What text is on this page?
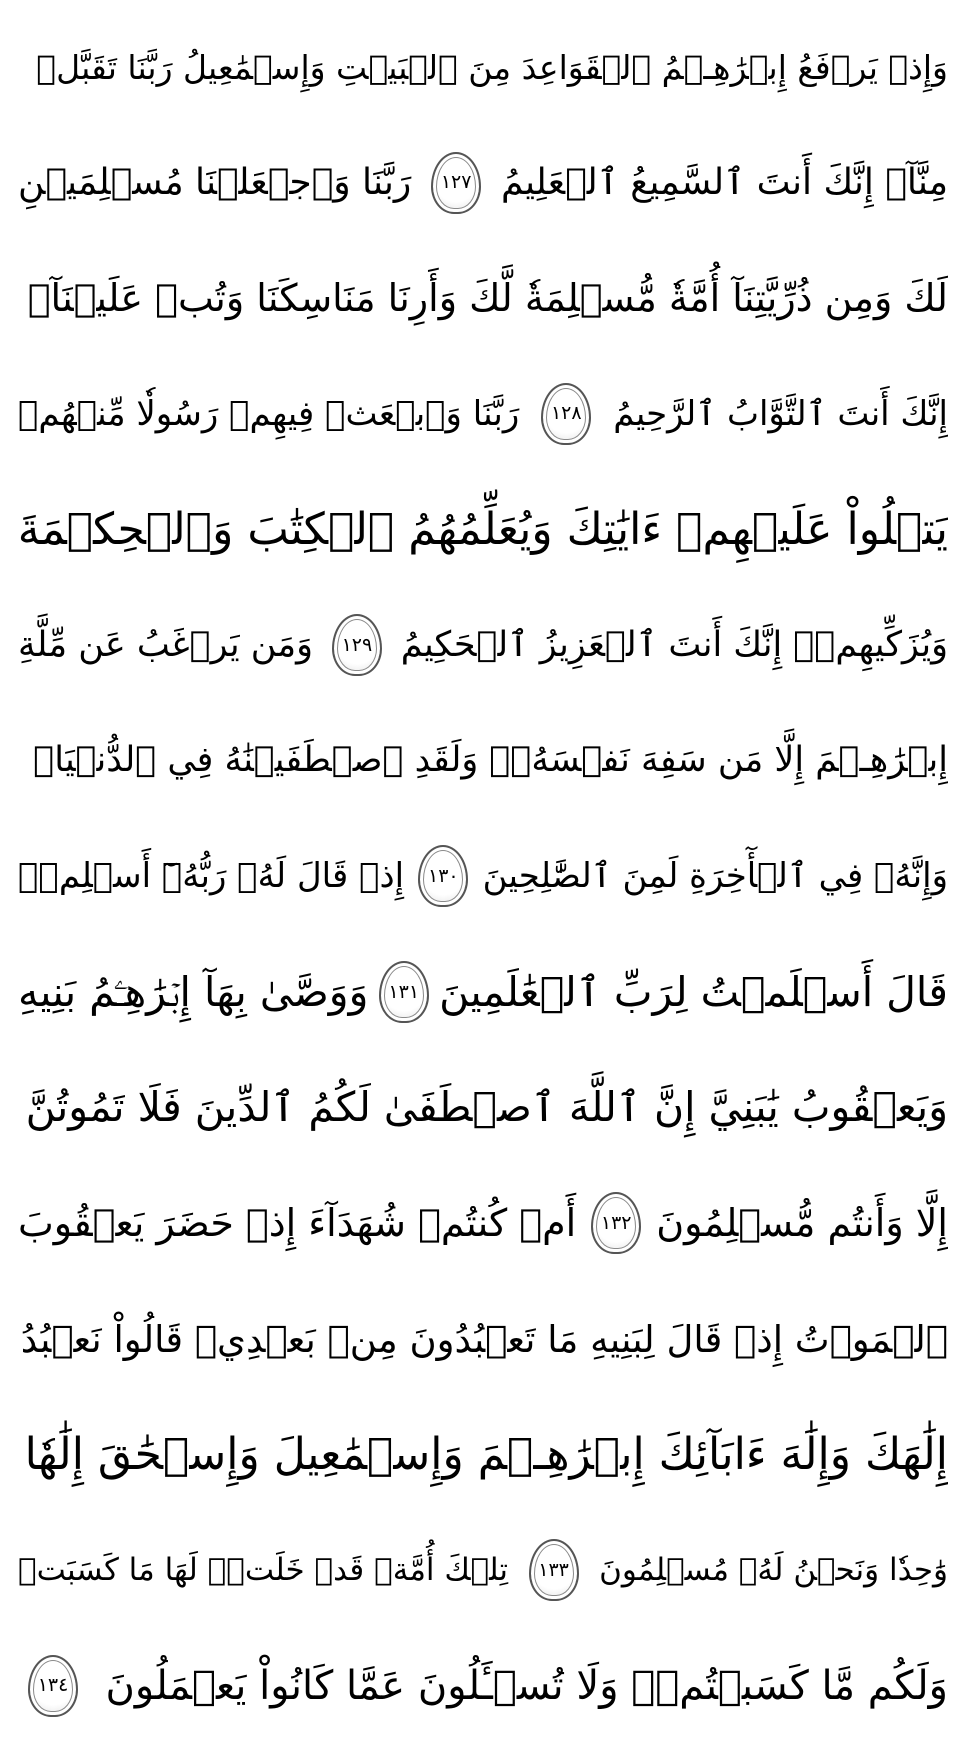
وَإِذۡ يَرۡفَعُ إِبۡرَٰهِـۧمُ ٱلۡقَوَاعِدَ مِنَ ٱلۡبَيۡتِ وَإِسۡمَٰعِيلُ رَبَّنَا تَقَبَّلۡ
مِنَّآۖ إِنَّكَ أَنتَ ٱلسَّمِيعُ ٱلۡعَلِيمُ
١٢٧
رَبَّنَا وَٱجۡعَلۡنَا مُسۡلِمَيۡنِ
لَكَ وَمِن ذُرِّيَّتِنَآ أُمَّةٗ مُّسۡلِمَةٗ لَّكَ وَأَرِنَا مَنَاسِكَنَا وَتُبۡ عَلَيۡنَآۖ
إِنَّكَ أَنتَ ٱلتَّوَّابُ ٱلرَّحِيمُ
١٢٨
رَبَّنَا وَٱبۡعَثۡ فِيهِمۡ رَسُولٗا مِّنۡهُمۡ
يَتۡلُواْ عَلَيۡهِمۡ ءَايَٰتِكَ وَيُعَلِّمُهُمُ ٱلۡكِتَٰبَ وَٱلۡحِكۡمَةَ
وَيُزَكِّيهِمۡۖ إِنَّكَ أَنتَ ٱلۡعَزِيزُ ٱلۡحَكِيمُ
١٢٩
وَمَن يَرۡغَبُ عَن مِّلَّةِ
إِبۡرَٰهِـۧمَ إِلَّا مَن سَفِهَ نَفۡسَهُۥۚ وَلَقَدِ ٱصۡطَفَيۡنَٰهُ فِي ٱلدُّنۡيَاۖ
وَإِنَّهُۥ فِي ٱلۡأٓخِرَةِ لَمِنَ ٱلصَّٰلِحِينَ
١٣٠
إِذۡ قَالَ لَهُۥ رَبُّهُۥٓ أَسۡلِمۡۖ
قَالَ أَسۡلَمۡتُ لِرَبِّ ٱلۡعَٰلَمِينَ
١٣١
وَوَصَّىٰ بِهَآ إِبۡرَٰهِـۧمُ بَنِيهِ
وَيَعۡقُوبُ يَٰبَنِيَّ إِنَّ ٱللَّهَ ٱصۡطَفَىٰ لَكُمُ ٱلدِّينَ فَلَا تَمُوتُنَّ
إِلَّا وَأَنتُم مُّسۡلِمُونَ
١٣٢
أَمۡ كُنتُمۡ شُهَدَآءَ إِذۡ حَضَرَ يَعۡقُوبَ
ٱلۡمَوۡتُ إِذۡ قَالَ لِبَنِيهِ مَا تَعۡبُدُونَ مِنۢ بَعۡدِيۖ قَالُواْ نَعۡبُدُ
إِلَٰهَكَ وَإِلَٰهَ ءَابَآئِكَ إِبۡرَٰهِـۧمَ وَإِسۡمَٰعِيلَ وَإِسۡحَٰقَ إِلَٰهٗا
وَٰحِدٗا وَنَحۡنُ لَهُۥ مُسۡلِمُونَ
١٣٣
تِلۡكَ أُمَّةٞ قَدۡ خَلَتۡۖ لَهَا مَا كَسَبَتۡ
وَلَكُم مَّا كَسَبۡتُمۡۖ وَلَا تُسۡـَٔلُونَ عَمَّا كَانُواْ يَعۡمَلُونَ
١٣٤
